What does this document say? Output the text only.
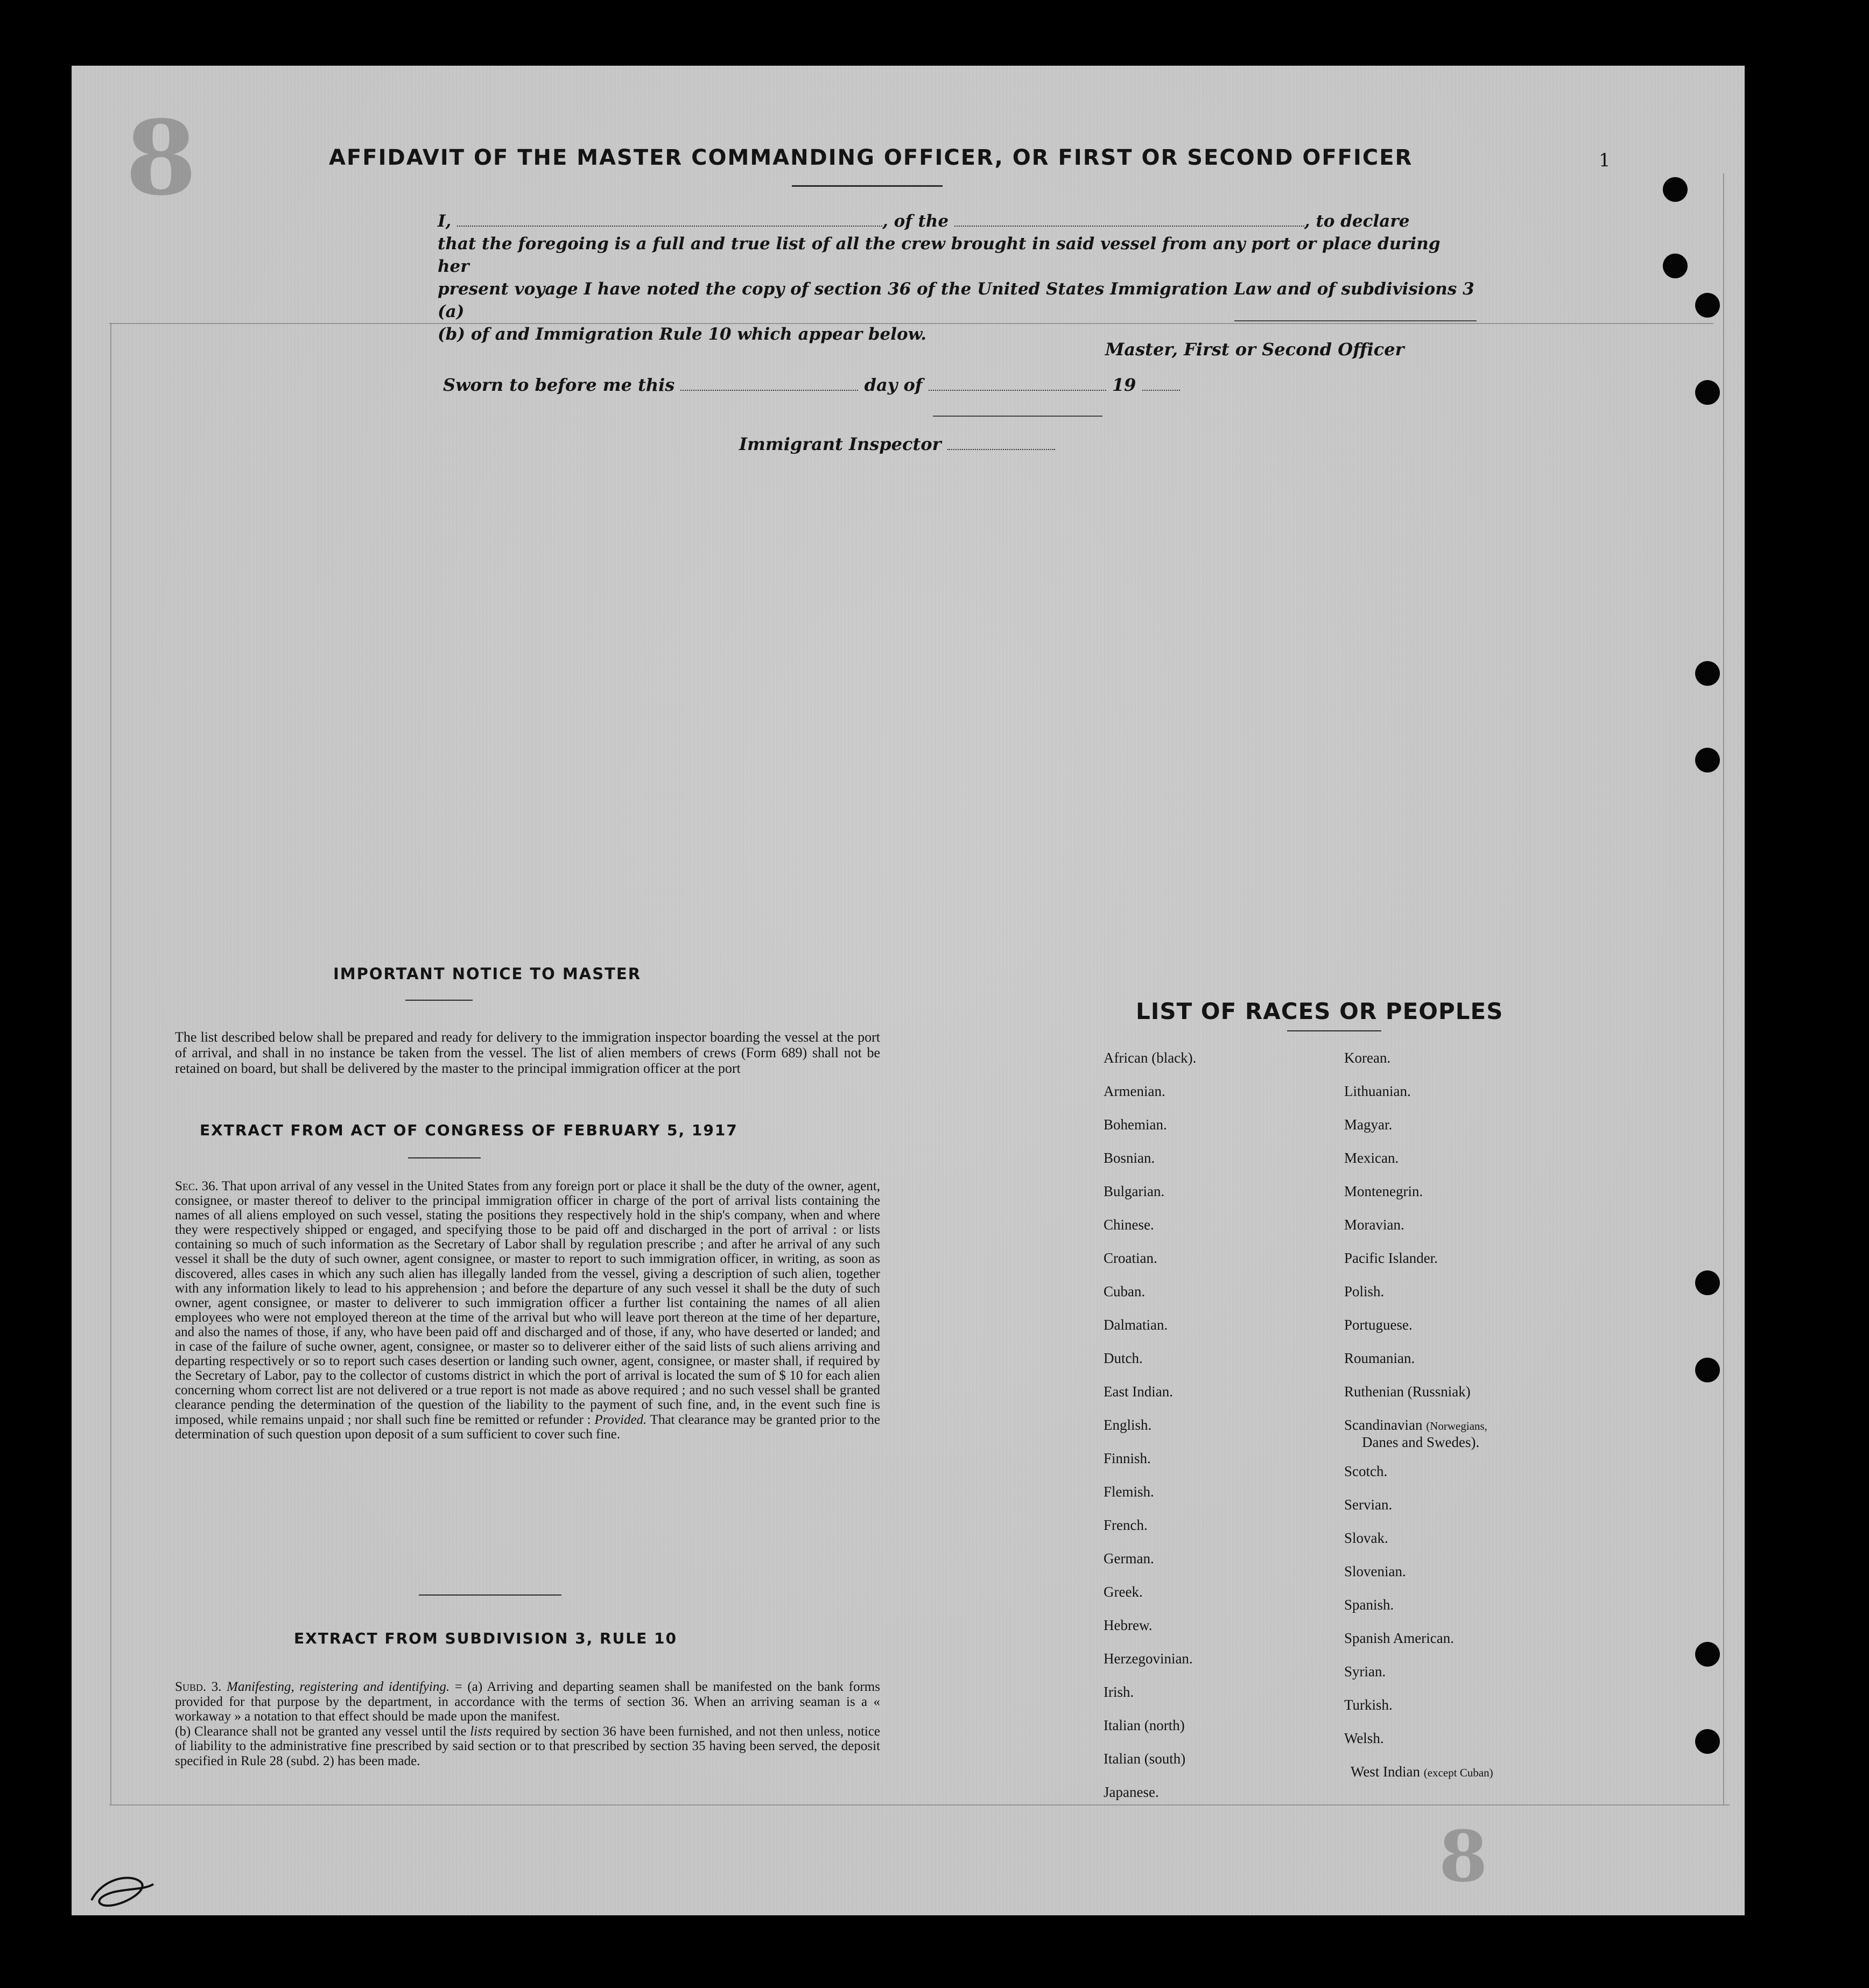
8
8
1
AFFIDAVIT OF THE MASTER COMMANDING OFFICER, OR FIRST OR SECOND OFFICER
I,	, of the	, to declare
that the foregoing is a full and true list of all the crew brought in said vessel from any port or place during her
present voyage I have noted the copy of section 36 of the United States Immigration Law and of subdivisions 3 (a)
(b) of and Immigration Rule 10 which appear below.
Master, First or Second Officer
Sworn to before me this	day of	19
Immigrant Inspector
IMPORTANT NOTICE TO MASTER
The list described below shall be prepared and ready for delivery to the immigration inspector boarding the vessel at the port of arrival, and shall in no instance be taken from the vessel. The list of alien members of crews (Form 689) shall not be retained on board, but shall be delivered by the master to the principal immigration officer at the port
EXTRACT FROM ACT OF CONGRESS OF FEBRUARY 5, 1917
Sec. 36. That upon arrival of any vessel in the United States from any foreign port or place it shall be the duty of the owner, agent, consignee, or master thereof to deliver to the principal immigration officer in charge of the port of arrival lists containing the names of all aliens employed on such vessel, stating the positions they respectively hold in the ship's company, when and where they were respectively shipped or engaged, and specifying those to be paid off and discharged in the port of arrival : or lists containing so much of such information as the Secretary of Labor shall by regulation prescribe ; and after he arrival of any such vessel it shall be the duty of such owner, agent consignee, or master to report to such immigration officer, in writing, as soon as discovered, alles cases in which any such alien has illegally landed from the vessel, giving a description of such alien, together with any information likely to lead to his apprehension ; and before the departure of any such vessel it shall be the duty of such owner, agent consignee, or master to deliverer to such immigration officer a further list containing the names of all alien employees who were not employed thereon at the time of the arrival but who will leave port thereon at the time of her departure, and also the names of those, if any, who have been paid off and discharged and of those, if any, who have deserted or landed; and in case of the failure of suche owner, agent, consignee, or master so to deliverer either of the said lists of such aliens arriving and departing respectively or so to report such cases desertion or landing such owner, agent, consignee, or master shall, if required by the Secretary of Labor, pay to the collector of customs district in which the port of arrival is located the sum of $ 10 for each alien concerning whom correct list are not delivered or a true report is not made as above required ; and no such vessel shall be granted clearance pending the determination of the question of the liability to the payment of such fine, and, in the event such fine is imposed, while remains unpaid ; nor shall such fine be remitted or refunder : Provided. That clearance may be granted prior to the determination of such question upon deposit of a sum sufficient to cover such fine.
EXTRACT FROM SUBDIVISION 3, RULE 10
Subd. 3. Manifesting, registering and identifying. = (a) Arriving and departing seamen shall be manifested on the bank forms provided for that purpose by the department, in accordance with the terms of section 36. When an arriving seaman is a « workaway » a notation to that effect should be made upon the manifest.
(b) Clearance shall not be granted any vessel until the lists required by section 36 have been furnished, and not then unless, notice of liability to the administrative fine prescribed by said section or to that prescribed by section 35 having been served, the deposit specified in Rule 28 (subd. 2) has been made.
LIST OF RACES OR PEOPLES
African (black).
Armenian.
Bohemian.
Bosnian.
Bulgarian.
Chinese.
Croatian.
Cuban.
Dalmatian.
Dutch.
East Indian.
English.
Finnish.
Flemish.
French.
German.
Greek.
Hebrew.
Herzegovinian.
Irish.
Italian (north)
Italian (south)
Japanese.
Korean.
Lithuanian.
Magyar.
Mexican.
Montenegrin.
Moravian.
Pacific Islander.
Polish.
Portuguese.
Roumanian.
Ruthenian (Russniak)
Scandinavian (Norwegians,
Danes and Swedes).
Scotch.
Servian.
Slovak.
Slovenian.
Spanish.
Spanish American.
Syrian.
Turkish.
Welsh.
West Indian (except Cuban)
